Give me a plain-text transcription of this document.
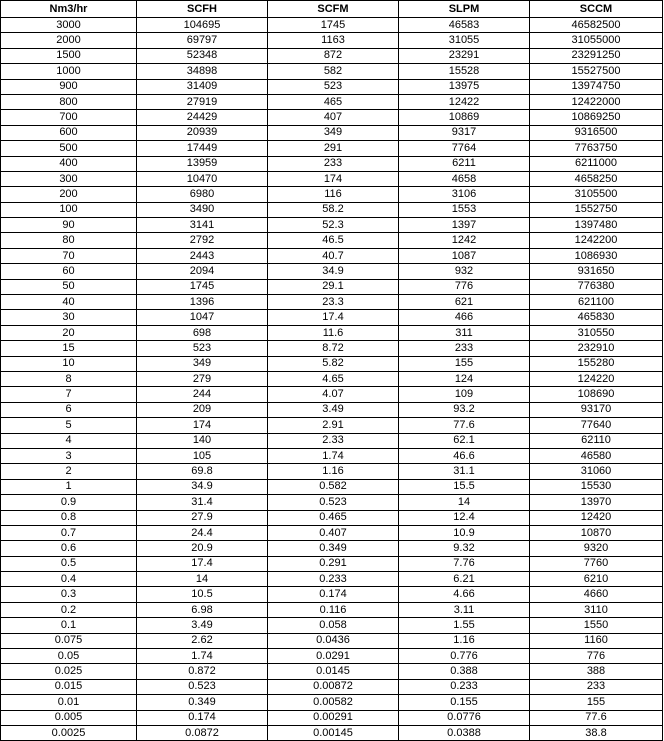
Nm3/hr	SCFH	SCFM	SLPM	SCCM
3000	104695	1745	46583	46582500
2000	69797	1163	31055	31055000
1500	52348	872	23291	23291250
1000	34898	582	15528	15527500
900	31409	523	13975	13974750
800	27919	465	12422	12422000
700	24429	407	10869	10869250
600	20939	349	9317	9316500
500	17449	291	7764	7763750
400	13959	233	6211	6211000
300	10470	174	4658	4658250
200	6980	116	3106	3105500
100	3490	58.2	1553	1552750
90	3141	52.3	1397	1397480
80	2792	46.5	1242	1242200
70	2443	40.7	1087	1086930
60	2094	34.9	932	931650
50	1745	29.1	776	776380
40	1396	23.3	621	621100
30	1047	17.4	466	465830
20	698	11.6	311	310550
15	523	8.72	233	232910
10	349	5.82	155	155280
8	279	4.65	124	124220
7	244	4.07	109	108690
6	209	3.49	93.2	93170
5	174	2.91	77.6	77640
4	140	2.33	62.1	62110
3	105	1.74	46.6	46580
2	69.8	1.16	31.1	31060
1	34.9	0.582	15.5	15530
0.9	31.4	0.523	14	13970
0.8	27.9	0.465	12.4	12420
0.7	24.4	0.407	10.9	10870
0.6	20.9	0.349	9.32	9320
0.5	17.4	0.291	7.76	7760
0.4	14	0.233	6.21	6210
0.3	10.5	0.174	4.66	4660
0.2	6.98	0.116	3.11	3110
0.1	3.49	0.058	1.55	1550
0.075	2.62	0.0436	1.16	1160
0.05	1.74	0.0291	0.776	776
0.025	0.872	0.0145	0.388	388
0.015	0.523	0.00872	0.233	233
0.01	0.349	0.00582	0.155	155
0.005	0.174	0.00291	0.0776	77.6
0.0025	0.0872	0.00145	0.0388	38.8
